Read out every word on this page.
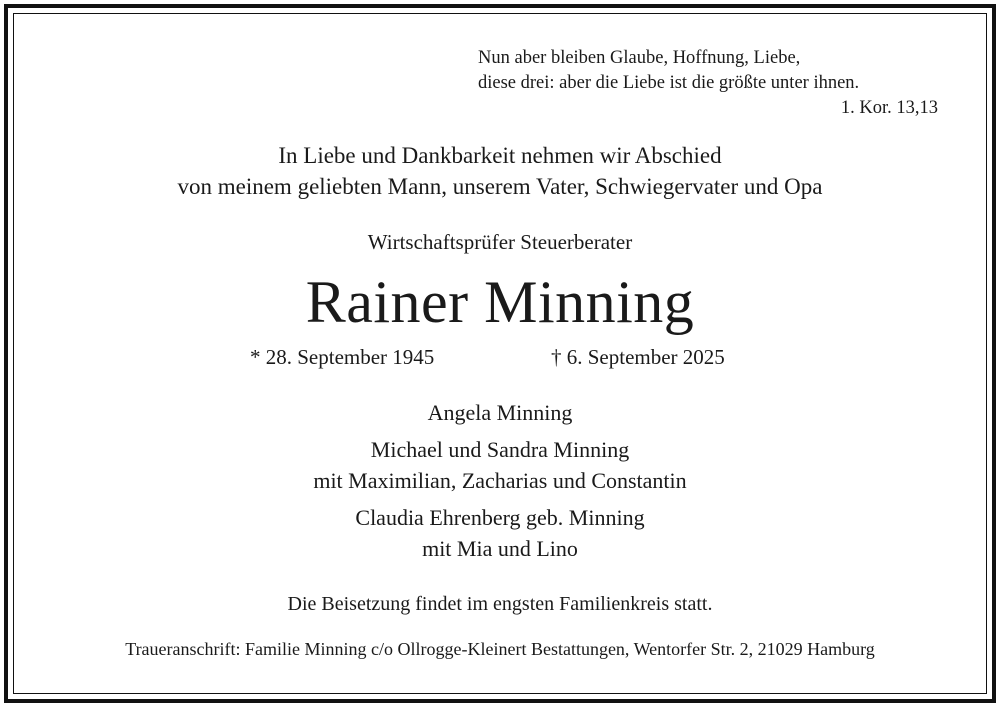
Nun aber bleiben Glaube, Hoffnung, Liebe,
diese drei: aber die Liebe ist die größte unter ihnen.
1. Kor. 13,13
In Liebe und Dankbarkeit nehmen wir Abschied
von meinem geliebten Mann, unserem Vater, Schwiegervater und Opa
Wirtschaftsprüfer Steuerberater
Rainer Minning
* 28. September 1945	† 6. September 2025
Angela Minning
Michael und Sandra Minning
mit Maximilian, Zacharias und Constantin
Claudia Ehrenberg geb. Minning
mit Mia und Lino
Die Beisetzung findet im engsten Familienkreis statt.
Traueranschrift: Familie Minning c/o Ollrogge-Kleinert Bestattungen, Wentorfer Str. 2, 21029 Hamburg
